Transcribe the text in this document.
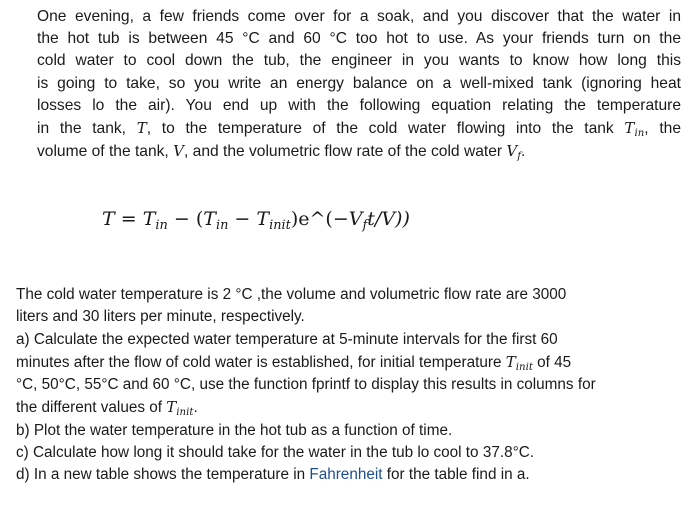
One evening, a few friends come over for a soak, and you discover that the water in
the hot tub is between 45 °C and 60 °C too hot to use. As your friends turn on the
cold water to cool down the tub, the engineer in you wants to know how long this
is going to take, so you write an energy balance on a well-mixed tank (ignoring heat
losses lo the air). You end up with the following equation relating the temperature
in the tank, T, to the temperature of the cold water flowing into the tank $T_{in}$, the
volume of the tank, V, and the volumetric flow rate of the cold water $V_f$.
$T = T_{in} - (T_{in}$ − $T_{init})e\^{}(-V_ft/V)$)
The cold water temperature is 2 °C ,the volume and volumetric flow rate are 3000
liters and 30 liters per minute, respectively.
a) Calculate the expected water temperature at 5-minute intervals for the first 60
minutes after the flow of cold water is established, for initial temperature $T_{init}$ of 45
°C, 50°C, 55°C and 60 °C, use the function fprintf to display this results in columns for
the different values of $T_{init}$.
b) Plot the water temperature in the hot tub as a function of time.
c) Calculate how long it should take for the water in the tub lo cool to 37.8°C.
d) In a new table shows the temperature in Fahrenheit for the table find in a.
